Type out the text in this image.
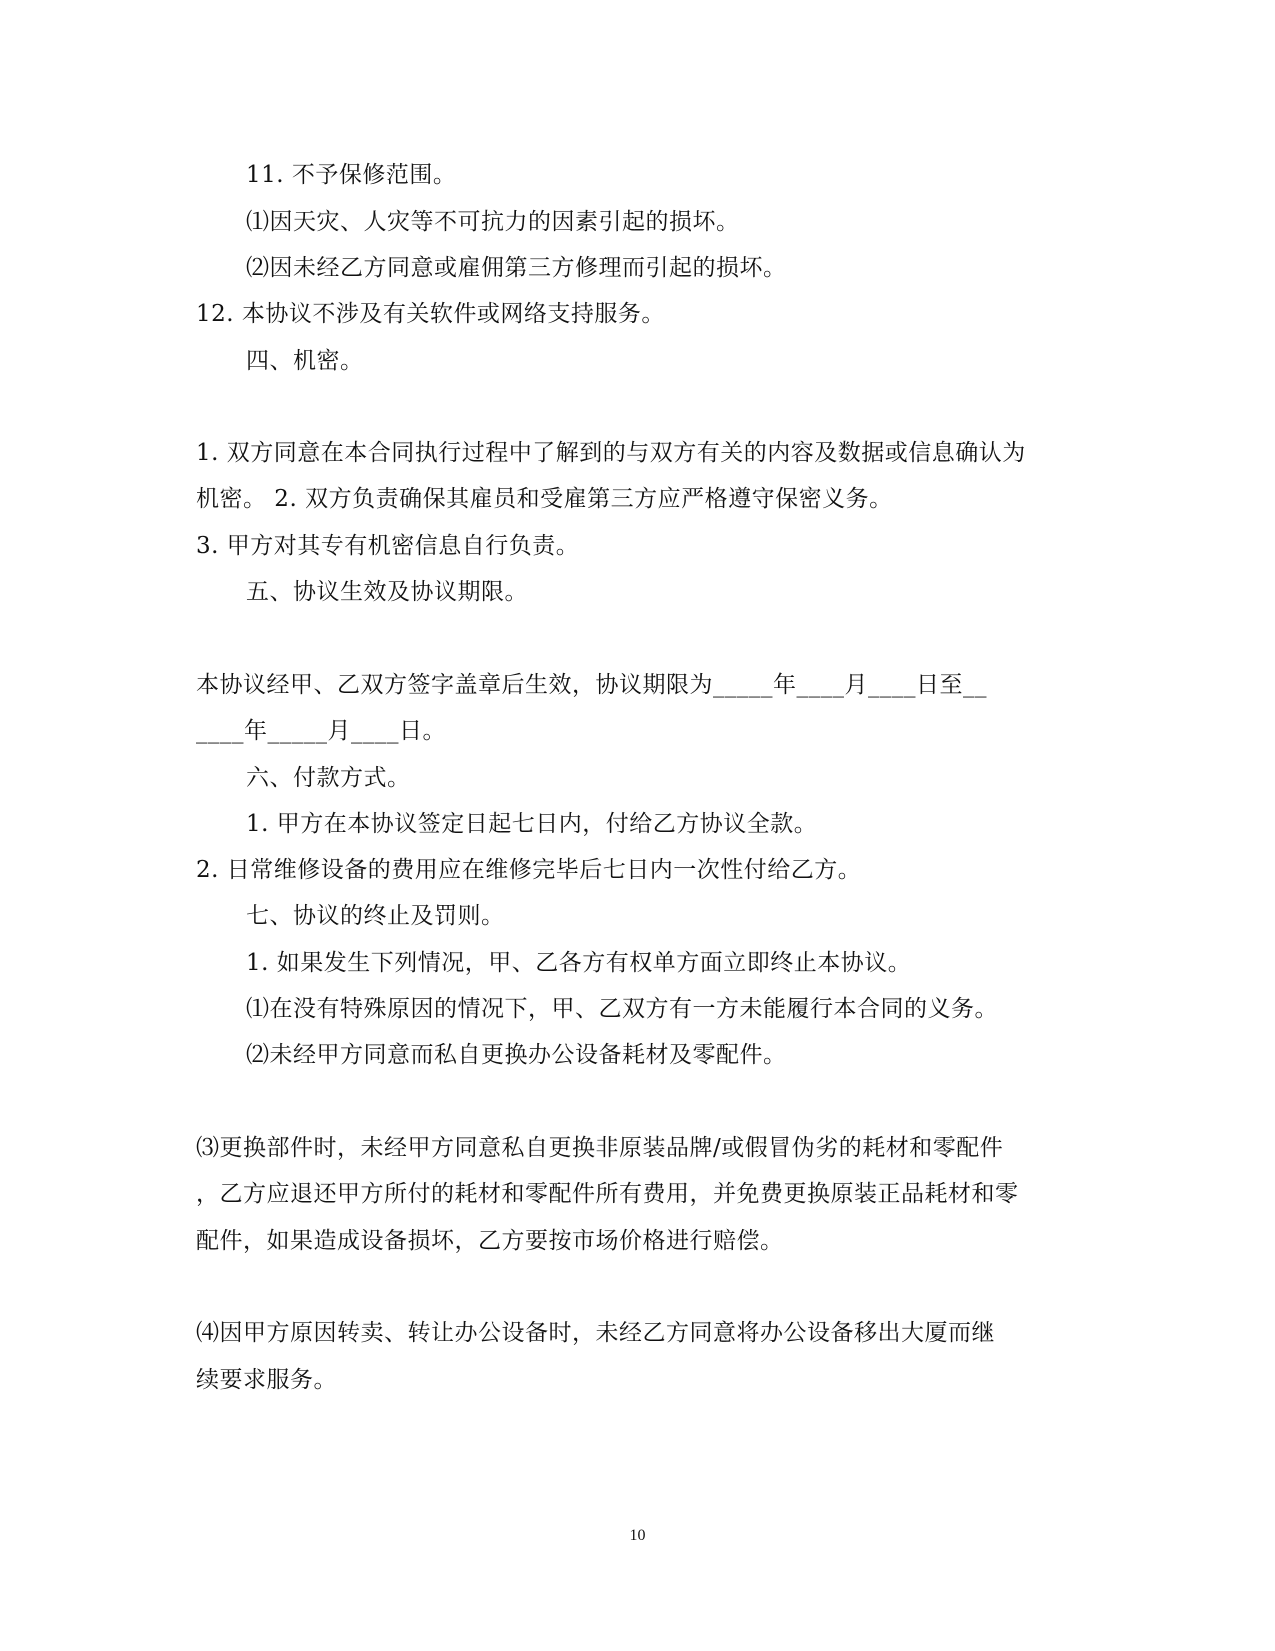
11. 不予保修范围。
⑴因天灾、人灾等不可抗力的因素引起的损坏。
⑵因未经乙方同意或雇佣第三方修理而引起的损坏。
12. 本协议不涉及有关软件或网络支持服务。
四、机密。
1. 双方同意在本合同执行过程中了解到的与双方有关的内容及数据或信息确认为
机密。 2. 双方负责确保其雇员和受雇第三方应严格遵守保密义务。
3. 甲方对其专有机密信息自行负责。
五、协议生效及协议期限。
本协议经甲、乙双方签字盖章后生效，协议期限为_____年____月____日至__
____年_____月____日。
六、付款方式。
1. 甲方在本协议签定日起七日内，付给乙方协议全款。
2. 日常维修设备的费用应在维修完毕后七日内一次性付给乙方。
七、协议的终止及罚则。
1. 如果发生下列情况，甲、乙各方有权单方面立即终止本协议。
⑴在没有特殊原因的情况下，甲、乙双方有一方未能履行本合同的义务。
⑵未经甲方同意而私自更换办公设备耗材及零配件。
⑶更换部件时，未经甲方同意私自更换非原装品牌/或假冒伪劣的耗材和零配件
，乙方应退还甲方所付的耗材和零配件所有费用，并免费更换原装正品耗材和零
配件，如果造成设备损坏，乙方要按市场价格进行赔偿。
⑷因甲方原因转卖、转让办公设备时，未经乙方同意将办公设备移出大厦而继
续要求服务。
10
